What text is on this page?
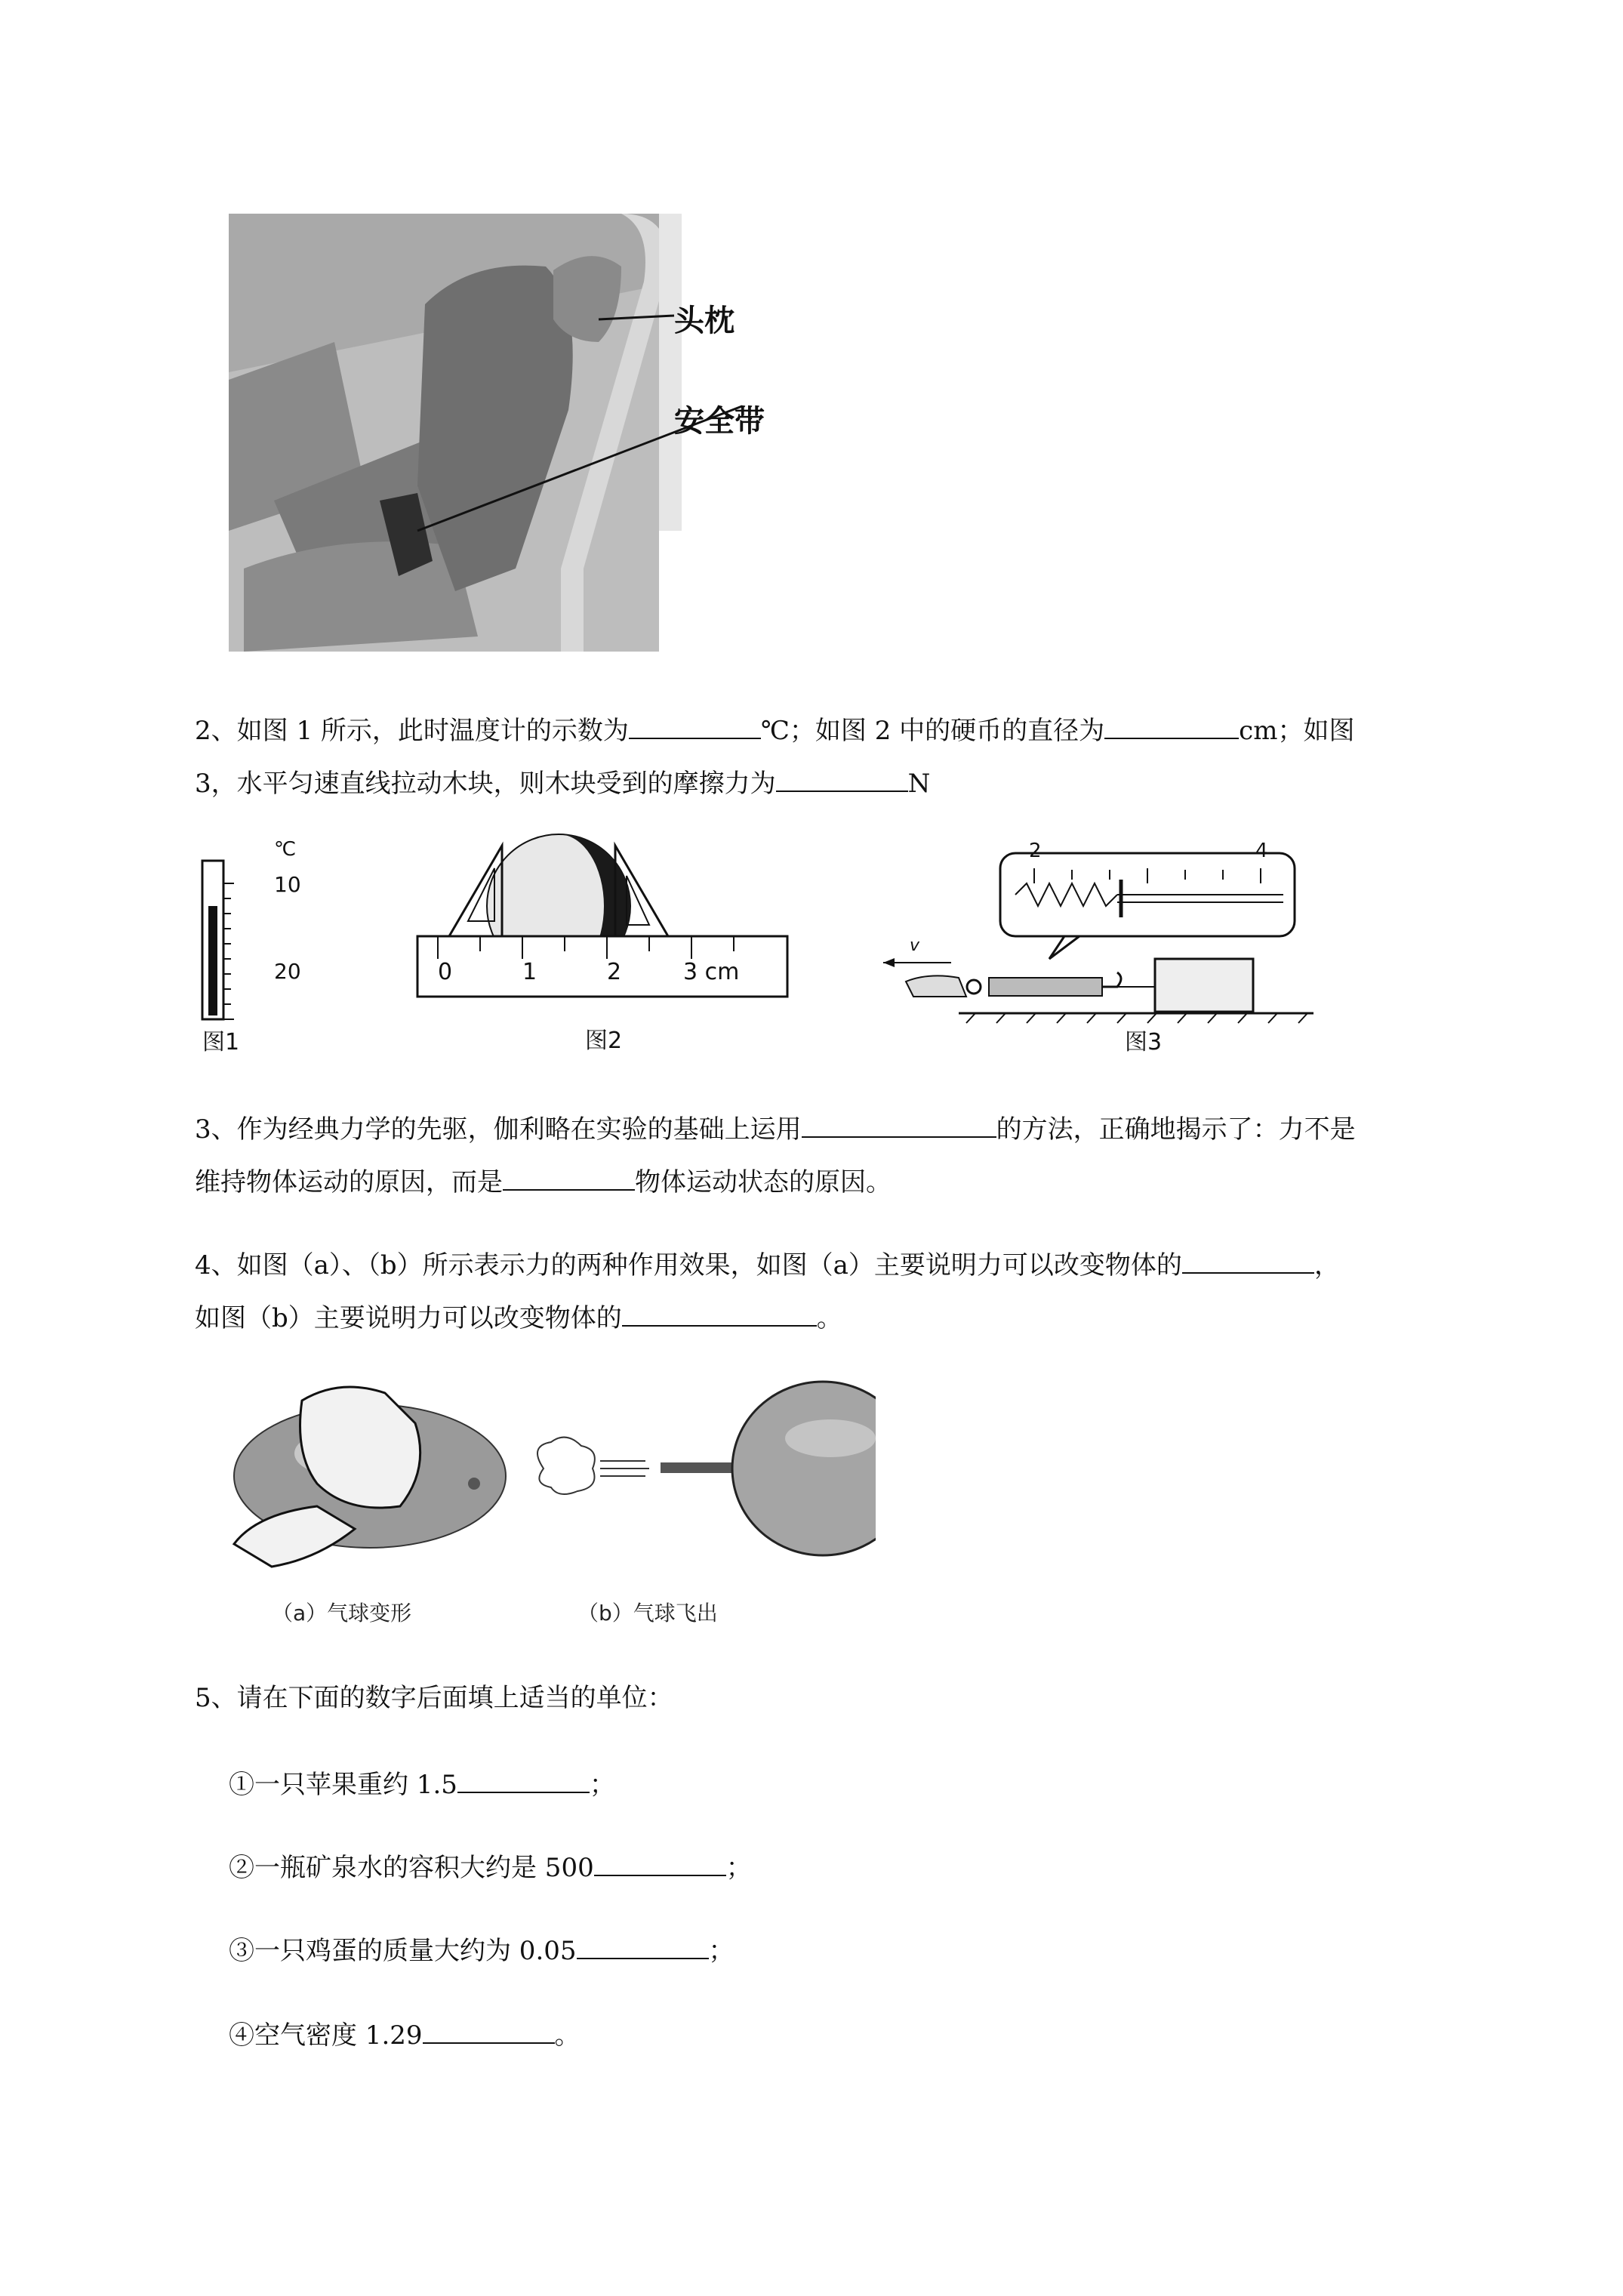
头枕
安全带
2、如图 1 所示，此时温度计的示数为	℃；如图 2 中的硬币的直径为	cm；如图
3，水平匀速直线拉动木块，则木块受到的摩擦力为	N
℃
10
20
图1
0	1	2	3 cm
图2
2	4
v
图3
3、作为经典力学的先驱，伽利略在实验的基础上运用	的方法，正确地揭示了：力不是
维持物体运动的原因，而是	物体运动状态的原因。
4、如图（a）、（b）所示表示力的两种作用效果，如图（a）主要说明力可以改变物体的	，
如图（b）主要说明力可以改变物体的	。
（a）气球变形	（b）气球飞出
5、请在下面的数字后面填上适当的单位：
①一只苹果重约 1.5	；
②一瓶矿泉水的容积大约是 500	；
③一只鸡蛋的质量大约为 0.05	；
④空气密度 1.29	。
